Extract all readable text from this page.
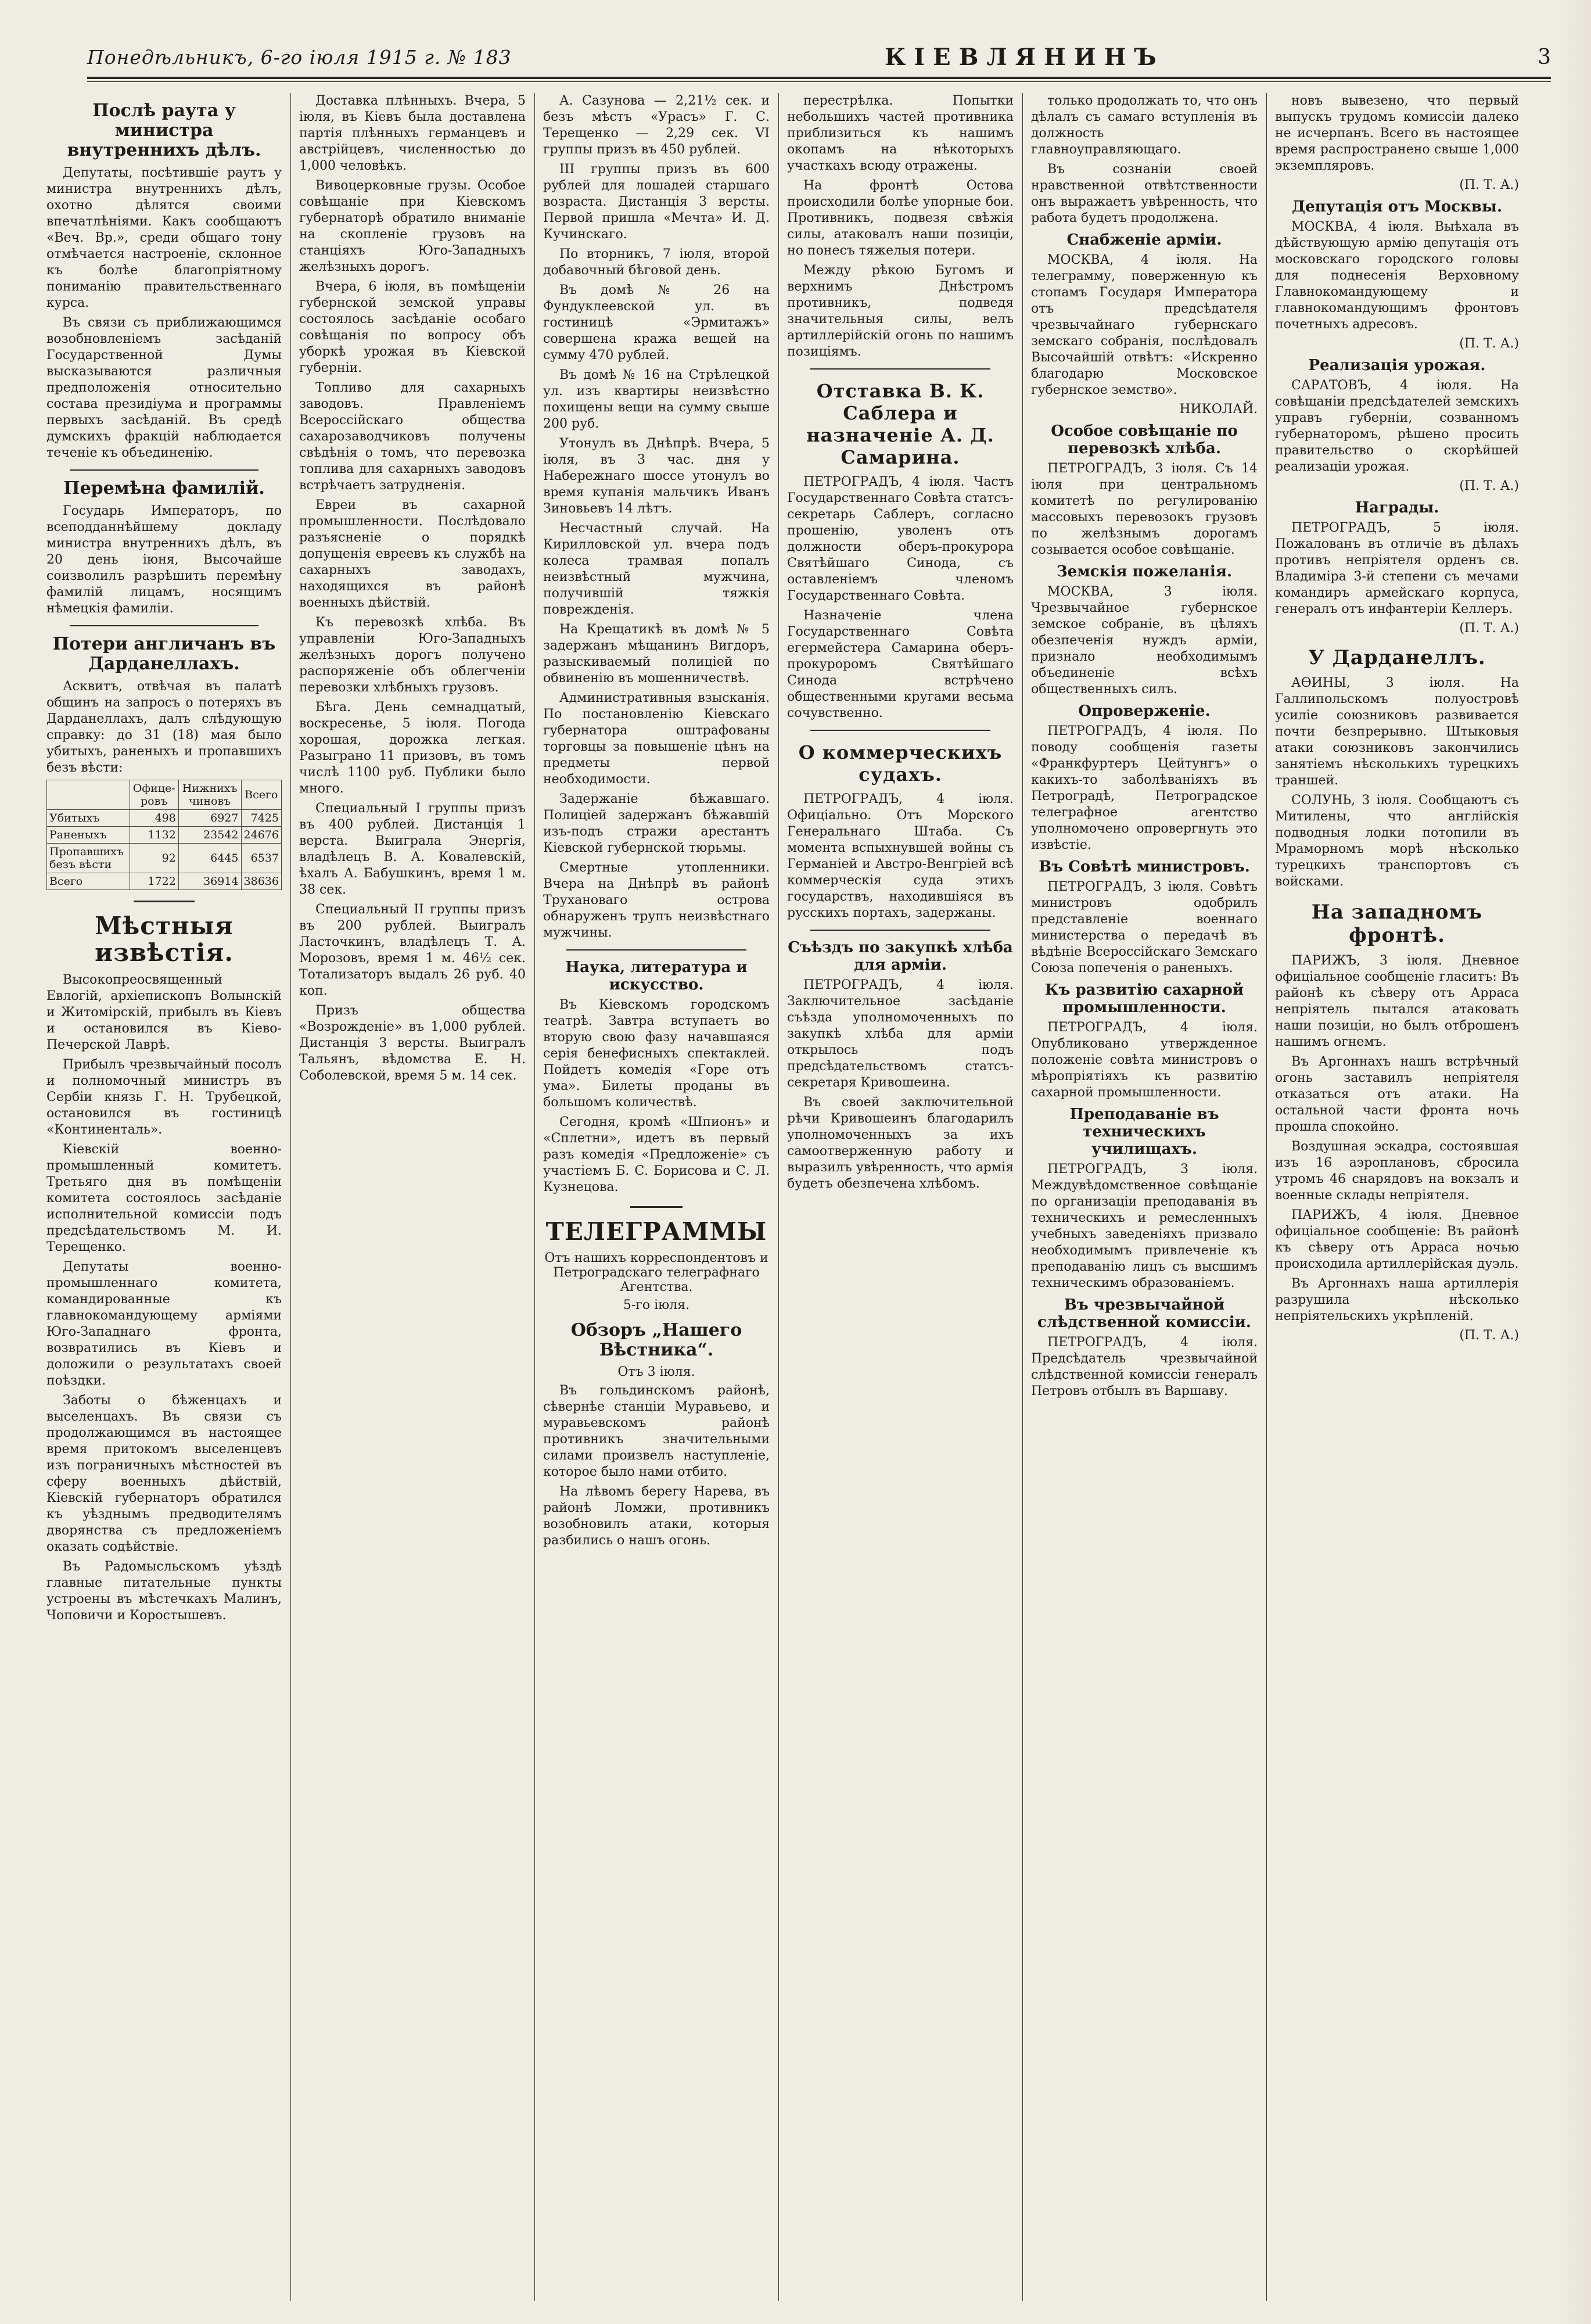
Понедѣльникъ, 6-го іюля 1915 г. № 183	КІЕВЛЯНИНЪ	3
Послѣ раута у министра внутреннихъ дѣлъ.

Депутаты, посѣтившіе раутъ у министра внутреннихъ дѣлъ, охотно дѣлятся своими впечатлѣніями. Какъ сообщаютъ «Веч. Вр.», среди общаго тону отмѣчается настроеніе, склонное къ болѣе благопріятному пониманію правительственнаго курса.

Въ связи съ приближающимся возобновленіемъ засѣданій Государственной Думы высказываются различныя предположенія относительно состава президіума и программы первыхъ засѣданій. Въ средѣ думскихъ фракцій наблюдается теченіе къ объединенію.

Перемѣна фамилій.

Государь Императоръ, по всеподданнѣйшему докладу министра внутреннихъ дѣлъ, въ 20 день іюня, Высочайше соизволилъ разрѣшить перемѣну фамилій лицамъ, носящимъ нѣмецкія фамиліи.

Потери англичанъ въ Дарданеллахъ.

Асквитъ, отвѣчая въ палатѣ общинъ на запросъ о потеряхъ въ Дарданеллахъ, далъ слѣдующую справку: до 31 (18) мая было убитыхъ, раненыхъ и пропавшихъ безъ вѣсти:

	Офице-ровъ	Нижнихъ чиновъ	Всего
Убитыхъ	498	6927	7425
Раненыхъ	1132	23542	24676
Пропавшихъ безъ вѣсти	92	6445	6537
Всего	1722	36914	38636
Мѣстныя извѣстія.

Высокопреосвященный Евлогій, архіепископъ Волынскій и Житомірскій, прибылъ въ Кіевъ и остановился въ Кіево-Печерской Лаврѣ.

Прибылъ чрезвычайный посолъ и полномочный министръ въ Сербіи князь Г. Н. Трубецкой, остановился въ гостиницѣ «Континенталь».

Кіевскій военно-промышленный комитетъ. Третьяго дня въ помѣщеніи комитета состоялось засѣданіе исполнительной комиссіи подъ предсѣдательствомъ М. И. Терещенко.

Депутаты военно-промышленнаго комитета, командированные къ главнокомандующему арміями Юго-Западнаго фронта, возвратились въ Кіевъ и доложили о результатахъ своей поѣздки.

Заботы о бѣженцахъ и выселенцахъ. Въ связи съ продолжающимся въ настоящее время притокомъ выселенцевъ изъ пограничныхъ мѣстностей въ сферу военныхъ дѣйствій, Кіевскій губернаторъ обратился къ уѣзднымъ предводителямъ дворянства съ предложеніемъ оказать содѣйствіе.

Въ Радомысльскомъ уѣздѣ главные питательные пункты устроены въ мѣстечкахъ Малинъ, Чоповичи и Коростышевъ.

Доставка плѣнныхъ. Вчера, 5 іюля, въ Кіевъ была доставлена партія плѣнныхъ германцевъ и австрійцевъ, численностью до 1,000 человѣкъ.

Вивоцерковные грузы. Особое совѣщаніе при Кіевскомъ губернаторѣ обратило вниманіе на скопленіе грузовъ на станціяхъ Юго-Западныхъ желѣзныхъ дорогъ.

Вчера, 6 іюля, въ помѣщеніи губернской земской управы состоялось засѣданіе особаго совѣщанія по вопросу объ уборкѣ урожая въ Кіевской губерніи.

Топливо для сахарныхъ заводовъ. Правленіемъ Всероссійскаго общества сахарозаводчиковъ получены свѣдѣнія о томъ, что перевозка топлива для сахарныхъ заводовъ встрѣчаетъ затрудненія.

Евреи въ сахарной промышленности. Послѣдовало разъясненіе о порядкѣ допущенія евреевъ къ службѣ на сахарныхъ заводахъ, находящихся въ районѣ военныхъ дѣйствій.

Къ перевозкѣ хлѣба. Въ управленіи Юго-Западныхъ желѣзныхъ дорогъ получено распоряженіе объ облегченіи перевозки хлѣбныхъ грузовъ.

Бѣга. День семнадцатый, воскресенье, 5 іюля. Погода хорошая, дорожка легкая. Разыграно 11 призовъ, въ томъ числѣ 1100 руб. Публики было много.

Специальный I группы призъ въ 400 рублей. Дистанція 1 верста. Выиграла Энергія, владѣлецъ В. А. Ковалевскій, ѣхалъ А. Бабушкинъ, время 1 м. 38 сек.

Специальный II группы призъ въ 200 рублей. Выигралъ Ласточкинъ, владѣлецъ Т. А. Морозовъ, время 1 м. 46½ сек. Тотализаторъ выдалъ 26 руб. 40 коп.

Призъ общества «Возрожденіе» въ 1,000 рублей. Дистанція 3 версты. Выигралъ Тальянъ, вѣдомства Е. Н. Соболевской, время 5 м. 14 сек.

А. Сазунова — 2,21½ сек. и безъ мѣстъ «Урасъ» Г. С. Терещенко — 2,29 сек. VI группы призъ въ 450 рублей.

III группы призъ въ 600 рублей для лошадей старшаго возраста. Дистанція 3 версты. Первой пришла «Мечта» И. Д. Кучинскаго.

По вторникъ, 7 іюля, второй добавочный бѣговой день.

Въ домѣ № 26 на Фундуклеевской ул. въ гостиницѣ «Эрмитажъ» совершена кража вещей на сумму 470 рублей.

Въ домѣ № 16 на Стрѣлецкой ул. изъ квартиры неизвѣстно похищены вещи на сумму свыше 200 руб.

Утонулъ въ Днѣпрѣ. Вчера, 5 іюля, въ 3 час. дня у Набережнаго шоссе утонулъ во время купанія мальчикъ Иванъ Зиновьевъ 14 лѣтъ.

Несчастный случай. На Кирилловской ул. вчера подъ колеса трамвая попалъ неизвѣстный мужчина, получившій тяжкія поврежденія.

На Крещатикѣ въ домѣ № 5 задержанъ мѣщанинъ Вигдоръ, разыскиваемый полиціей по обвиненію въ мошенничествѣ.

Административныя взысканія. По постановленію Кіевскаго губернатора оштрафованы торговцы за повышеніе цѣнъ на предметы первой необходимости.

Задержаніе бѣжавшаго. Полиціей задержанъ бѣжавшій изъ-подъ стражи арестантъ Кіевской губернской тюрьмы.

Смертные утопленники. Вчера на Днѣпрѣ въ районѣ Трухановаго острова обнаруженъ трупъ неизвѣстнаго мужчины.

Наука, литература и искусство.

Въ Кіевскомъ городскомъ театрѣ. Завтра вступаетъ во вторую свою фазу начавшаяся серія бенефисныхъ спектаклей. Пойдетъ комедія «Горе отъ ума». Билеты проданы въ большомъ количествѣ.

Сегодня, кромѣ «Шпионъ» и «Сплетни», идетъ въ первый разъ комедія «Предложеніе» съ участіемъ Б. С. Борисова и С. Л. Кузнецова.

ТЕЛЕГРАММЫ

Отъ нашихъ корреспондентовъ и Петроградскаго телеграфнаго Агентства.

5-го іюля.

Обзоръ „Нашего Вѣстника“.

Отъ 3 іюля.

Въ гольдинскомъ районѣ, сѣвернѣе станціи Муравьево, и муравьевскомъ районѣ противникъ значительными силами произвелъ наступленіе, которое было нами отбито.

На лѣвомъ берегу Нарева, въ районѣ Ломжи, противникъ возобновилъ атаки, которыя разбились о нашъ огонь.

перестрѣлка. Попытки небольшихъ частей противника приблизиться къ нашимъ окопамъ на нѣкоторыхъ участкахъ всюду отражены.

На фронтѣ Остова происходили болѣе упорные бои. Противникъ, подвезя свѣжія силы, атаковалъ наши позиціи, но понесъ тяжелыя потери.

Между рѣкою Бугомъ и верхнимъ Днѣстромъ противникъ, подведя значительныя силы, велъ артиллерійскій огонь по нашимъ позиціямъ.

Отставка В. К. Саблера и назначеніе А. Д. Самарина.

ПЕТРОГРАДЪ, 4 іюля. Частъ Государственнаго Совѣта статсъ-секретарь Саблеръ, согласно прошенію, уволенъ отъ должности оберъ-прокурора Святѣйшаго Синода, съ оставленіемъ членомъ Государственнаго Совѣта.

Назначеніе члена Государственнаго Совѣта егермейстера Самарина оберъ-прокуроромъ Святѣйшаго Синода встрѣчено общественными кругами весьма сочувственно.

О коммерческихъ судахъ.

ПЕТРОГРАДЪ, 4 іюля. Офиціально. Отъ Морского Генеральнаго Штаба. Съ момента вспыхнувшей войны съ Германіей и Австро-Венгріей всѣ коммерческія суда этихъ государствъ, находившіяся въ русскихъ портахъ, задержаны.

Съѣздъ по закупкѣ хлѣба для арміи.

ПЕТРОГРАДЪ, 4 іюля. Заключительное засѣданіе съѣзда уполномоченныхъ по закупкѣ хлѣба для арміи открылось подъ предсѣдательствомъ статсъ-секретаря Кривошеина.

Въ своей заключительной рѣчи Кривошеинъ благодарилъ уполномоченныхъ за ихъ самоотверженную работу и выразилъ увѣренность, что армія будетъ обезпечена хлѣбомъ.

только продолжать то, что онъ дѣлалъ съ самаго вступленія въ должность главноуправляющаго.

Въ сознаніи своей нравственной отвѣтственности онъ выражаетъ увѣренность, что работа будетъ продолжена.

Снабженіе арміи.

МОСКВА, 4 іюля. На телеграмму, поверженную къ стопамъ Государя Императора отъ предсѣдателя чрезвычайнаго губернскаго земскаго собранія, послѣдовалъ Высочайшій отвѣтъ: «Искренно благодарю Московское губернское земство».

НИКОЛАЙ.

Особое совѣщаніе по перевозкѣ хлѣба.

ПЕТРОГРАДЪ, 3 іюля. Съ 14 іюля при центральномъ комитетѣ по регулированію массовыхъ перевозокъ грузовъ по желѣзнымъ дорогамъ созывается особое совѣщаніе.

Земскія пожеланія.

МОСКВА, 3 іюля. Чрезвычайное губернское земское собраніе, въ цѣляхъ обезпеченія нуждъ арміи, признало необходимымъ объединеніе всѣхъ общественныхъ силъ.

Опроверженіе.

ПЕТРОГРАДЪ, 4 іюля. По поводу сообщенія газеты «Франкфуртеръ Цейтунгъ» о какихъ-то заболѣваніяхъ въ Петроградѣ, Петроградское телеграфное агентство уполномочено опровергнуть это извѣстіе.

Въ Совѣтѣ министровъ.

ПЕТРОГРАДЪ, 3 іюля. Совѣтъ министровъ одобрилъ представленіе военнаго министерства о передачѣ въ вѣдѣніе Всероссійскаго Земскаго Союза попеченія о раненыхъ.

Къ развитію сахарной промышленности.

ПЕТРОГРАДЪ, 4 іюля. Опубликовано утвержденное положеніе совѣта министровъ о мѣропріятіяхъ къ развитію сахарной промышленности.

Преподаваніе въ техническихъ училищахъ.

ПЕТРОГРАДЪ, 3 іюля. Междувѣдомственное совѣщаніе по организаціи преподаванія въ техническихъ и ремесленныхъ учебныхъ заведеніяхъ призвало необходимымъ привлеченіе къ преподаванію лицъ съ высшимъ техническимъ образованіемъ.

Въ чрезвычайной слѣдственной комиссіи.

ПЕТРОГРАДЪ, 4 іюля. Предсѣдатель чрезвычайной слѣдственной комиссіи генералъ Петровъ отбылъ въ Варшаву.

новъ вывезено, что первый выпускъ трудомъ комиссіи далеко не исчерпанъ. Всего въ настоящее время распространено свыше 1,000 экземпляровъ.

(П. Т. А.)

Депутація отъ Москвы.

МОСКВА, 4 іюля. Выѣхала въ дѣйствующую армію депутація отъ московскаго городского головы для поднесенія Верховному Главнокомандующему и главнокомандующимъ фронтовъ почетныхъ адресовъ.

(П. Т. А.)

Реализація урожая.

САРАТОВЪ, 4 іюля. На совѣщаніи предсѣдателей земскихъ управъ губерніи, созванномъ губернаторомъ, рѣшено просить правительство о скорѣйшей реализаціи урожая.

(П. Т. А.)

Награды.

ПЕТРОГРАДЪ, 5 іюля. Пожалованъ въ отличіе въ дѣлахъ противъ непріятеля орденъ св. Владиміра 3-й степени съ мечами командиръ армейскаго корпуса, генералъ отъ инфантеріи Келлеръ.

(П. Т. А.)

У Дарданеллъ.

АѲИНЫ, 3 іюля. На Галлипольскомъ полуостровѣ усиліе союзниковъ развивается почти безпрерывно. Штыковыя атаки союзниковъ закончились занятіемъ нѣсколькихъ турецкихъ траншей.

СОЛУНЬ, 3 іюля. Сообщаютъ съ Митилены, что англійскія подводныя лодки потопили въ Мраморномъ морѣ нѣсколько турецкихъ транспортовъ съ войсками.

На западномъ фронтѣ.

ПАРИЖЪ, 3 іюля. Дневное офиціальное сообщеніе гласитъ: Въ районѣ къ сѣверу отъ Арраса непріятель пытался атаковать наши позиціи, но былъ отброшенъ нашимъ огнемъ.

Въ Аргоннахъ нашъ встрѣчный огонь заставилъ непріятеля отказаться отъ атаки. На остальной части фронта ночь прошла спокойно.

Воздушная эскадра, состоявшая изъ 16 аэроплановъ, сбросила утромъ 46 снарядовъ на вокзалъ и военные склады непріятеля.

ПАРИЖЪ, 4 іюля. Дневное офиціальное сообщеніе: Въ районѣ къ сѣверу отъ Арраса ночью происходила артиллерійская дуэль.

Въ Аргоннахъ наша артиллерія разрушила нѣсколько непріятельскихъ укрѣпленій.

(П. Т. А.)
